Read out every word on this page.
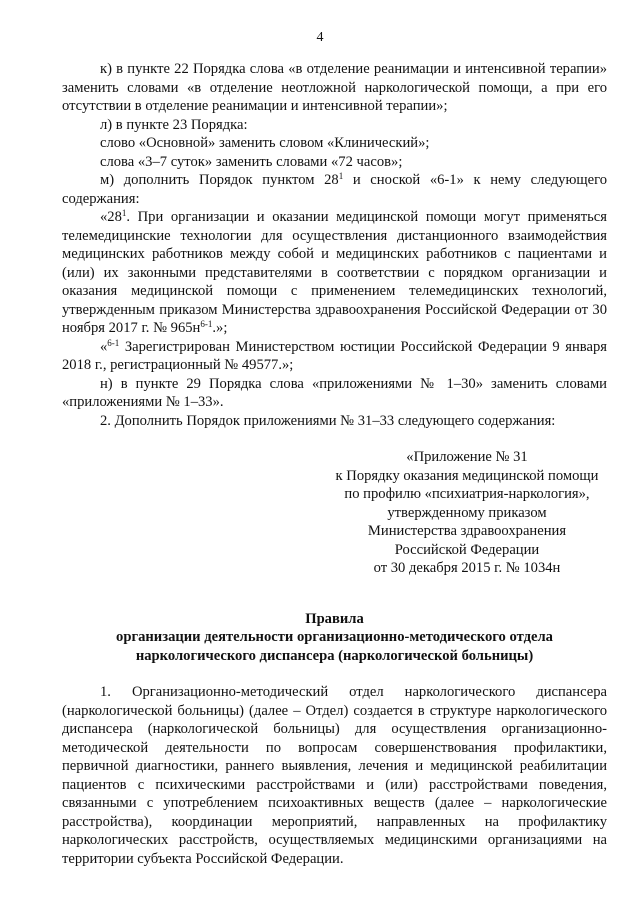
4

к) в пункте 22 Порядка слова «в отделение реанимации и интенсивной терапии» заменить словами «в отделение неотложной наркологической помощи, а при его отсутствии в отделение реанимации и интенсивной терапии»;

л) в пункте 23 Порядка:

слово «Основной» заменить словом «Клинический»;

слова «3–7 суток» заменить словами «72 часов»;

м) дополнить Порядок пунктом $28^1$ и сноской «6-1» к нему следующего содержания:

«$28^1$. При организации и оказании медицинской помощи могут применяться телемедицинские технологии для осуществления дистанционного взаимодействия медицинских работников между собой и медицинских работников с пациентами и (или) их законными представителями в соответствии с порядком организации и оказания медицинской помощи с применением телемедицинских технологий, утвержденным приказом Министерства здравоохранения Российской Федерации от 30 ноября 2017 г. № $965н^{6-1}$.»;

«$^{6-1}$ Зарегистрирован Министерством юстиции Российской Федерации 9 января 2018 г., регистрационный № 49577.»;

н) в пункте 29 Порядка слова «приложениями № 1–30» заменить словами «приложениями № 1–33».

2. Дополнить Порядок приложениями № 31–33 следующего содержания:

«Приложение № 31

к Порядку оказания медицинской помощи

по профилю «психиатрия-наркология»,

утвержденному приказом

Министерства здравоохранения

Российской Федерации

от 30 декабря 2015 г. № 1034н

Правила

организации деятельности организационно-методического отдела

наркологического диспансера (наркологической больницы)

1. Организационно-методический отдел наркологического диспансера (наркологической больницы) (далее – Отдел) создается в структуре наркологического диспансера (наркологической больницы) для осуществления организационно-методической деятельности по вопросам совершенствования профилактики, первичной диагностики, раннего выявления, лечения и медицинской реабилитации пациентов с психическими расстройствами и (или) расстройствами поведения, связанными с употреблением психоактивных веществ (далее – наркологические расстройства), координации мероприятий, направленных на профилактику наркологических расстройств, осуществляемых медицинскими организациями на территории субъекта Российской Федерации.
